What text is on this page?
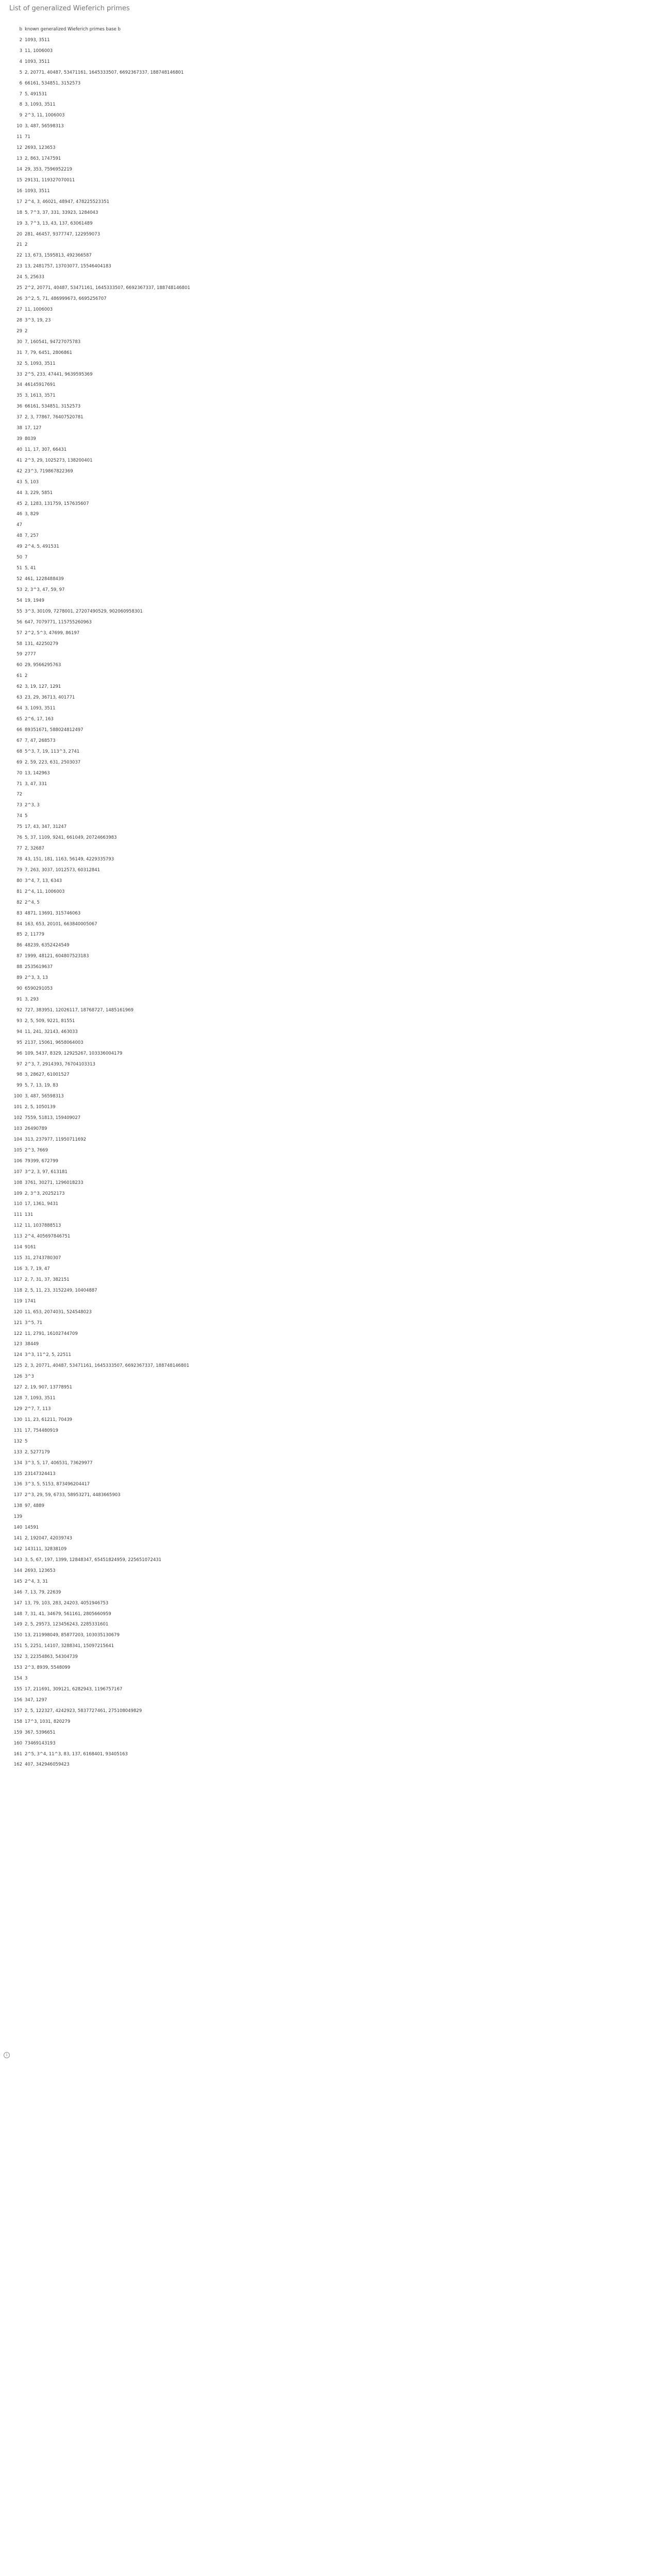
List of generalized Wieferich primes
i
b known generalized Wieferich primes base b
2 1093, 3511
3 11, 1006003
4 1093, 3511
5 2, 20771, 40487, 53471161, 1645333507, 6692367337, 188748146801
6 66161, 534851, 3152573
7 5, 491531
8 3, 1093, 3511
9 2^3, 11, 1006003
10 3, 487, 56598313
11 71
12 2693, 123653
13 2, 863, 1747591
14 29, 353, 7596952219
15 29131, 119327070011
16 1093, 3511
17 2^4, 3, 46021, 48947, 478225523351
18 5, 7^3, 37, 331, 33923, 1284043
19 3, 7^3, 13, 43, 137, 63061489
20 281, 46457, 9377747, 122959073
21 2
22 13, 673, 1595813, 492366587
23 13, 2481757, 13703077, 15546404183
24 5, 25633
25 2^2, 20771, 40487, 53471161, 1645333507, 6692367337, 188748146801
26 3^2, 5, 71, 486999673, 6695256707
27 11, 1006003
28 3^3, 19, 23
29 2
30 7, 160541, 94727075783
31 7, 79, 6451, 2806861
32 5, 1093, 3511
33 2^5, 233, 47441, 9639595369
34 46145917691
35 3, 1613, 3571
36 66161, 534851, 3152573
37 2, 3, 77867, 76407520781
38 17, 127
39 8039
40 11, 17, 307, 66431
41 2^3, 29, 1025273, 138200401
42 23^3, 719867822369
43 5, 103
44 3, 229, 5851
45 2, 1283, 131759, 157635607
46 3, 829
47
48 7, 257
49 2^4, 5, 491531
50 7
51 5, 41
52 461, 1228488439
53 2, 3^3, 47, 59, 97
54 19, 1949
55 3^3, 30109, 7278001, 27207490529, 902060958301
56 647, 7079771, 115755260963
57 2^2, 5^3, 47699, 86197
58 131, 42250279
59 2777
60 29, 9566295763
61 2
62 3, 19, 127, 1291
63 23, 29, 36713, 401771
64 3, 1093, 3511
65 2^6, 17, 163
66 89351671, 588024812497
67 7, 47, 268573
68 5^3, 7, 19, 113^3, 2741
69 2, 59, 223, 631, 2503037
70 13, 142963
71 3, 47, 331
72
73 2^3, 3
74 5
75 17, 43, 347, 31247
76 5, 37, 1109, 9241, 661049, 20724663983
77 2, 32687
78 43, 151, 181, 1163, 56149, 4229335793
79 7, 263, 3037, 1012573, 60312841
80 3^4, 7, 13, 6343
81 2^4, 11, 1006003
82 2^4, 5
83 4871, 13691, 315746063
84 163, 653, 20101, 663840005067
85 2, 11779
86 48239, 6352424549
87 1999, 48121, 604807523183
88 2535619637
89 2^3, 3, 13
90 6590291053
91 3, 293
92 727, 383951, 12026117, 18768727, 1485161969
93 2, 5, 509, 9221, 81551
94 11, 241, 32143, 463033
95 2137, 15061, 9658064003
96 109, 5437, 8329, 12925267, 103336004179
97 2^3, 7, 2914393, 76704103313
98 3, 28627, 61001527
99 5, 7, 13, 19, 83
100 3, 487, 56598313
101 2, 5, 1050139
102 7559, 51813, 159409027
103 26490789
104 313, 237977, 11950711692
105 2^3, 7669
106 79399, 672799
107 3^2, 3, 97, 613181
108 3761, 30271, 1296018233
109 2, 3^3, 20252173
110 17, 1361, 9431
111 131
112 11, 1037888513
113 2^4, 405697846751
114 9161
115 31, 2743780307
116 3, 7, 19, 47
117 2, 7, 31, 37, 382151
118 2, 5, 11, 23, 3152249, 10404887
119 1741
120 11, 653, 2074031, 524548023
121 3^5, 71
122 11, 2791, 16102744709
123 38449
124 3^3, 11^2, 5, 22511
125 2, 3, 20771, 40487, 53471161, 1645333507, 6692367337, 188748146801
126 3^3
127 2, 19, 907, 13778951
128 7, 1093, 3511
129 2^7, 7, 113
130 11, 23, 61211, 70439
131 17, 754480919
132 5
133 2, 5277179
134 3^3, 5, 17, 406531, 73629977
135 23147324413
136 3^3, 5, 5153, 873496204417
137 2^3, 29, 59, 6733, 58953271, 4483665903
138 97, 4889
139
140 14591
141 2, 192047, 42039743
142 143111, 32838109
143 3, 5, 67, 197, 1399, 12848347, 65451824959, 225651072431
144 2693, 123653
145 2^4, 3, 31
146 7, 13, 79, 22639
147 13, 79, 103, 283, 24203, 4051946753
148 7, 31, 41, 34679, 561161, 2805660959
149 2, 5, 29573, 123456243, 2285331601
150 13, 211998049, 85877203, 103035130679
151 5, 2251, 14107, 3288341, 15097215641
152 3, 22354863, 54304739
153 2^3, 8939, 5548099
154 3
155 17, 211691, 309121, 6282943, 1196757167
156 347, 1297
157 2, 5, 122327, 4242923, 5837727461, 275108049829
158 17^3, 1031, 820279
159 367, 5396651
160 73469143193
161 2^5, 3^4, 11^3, 83, 137, 6168401, 93405163
162 407, 342946059423
